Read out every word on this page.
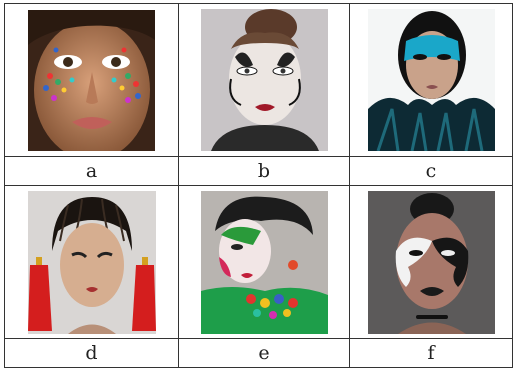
a	b	c

d	e	f
